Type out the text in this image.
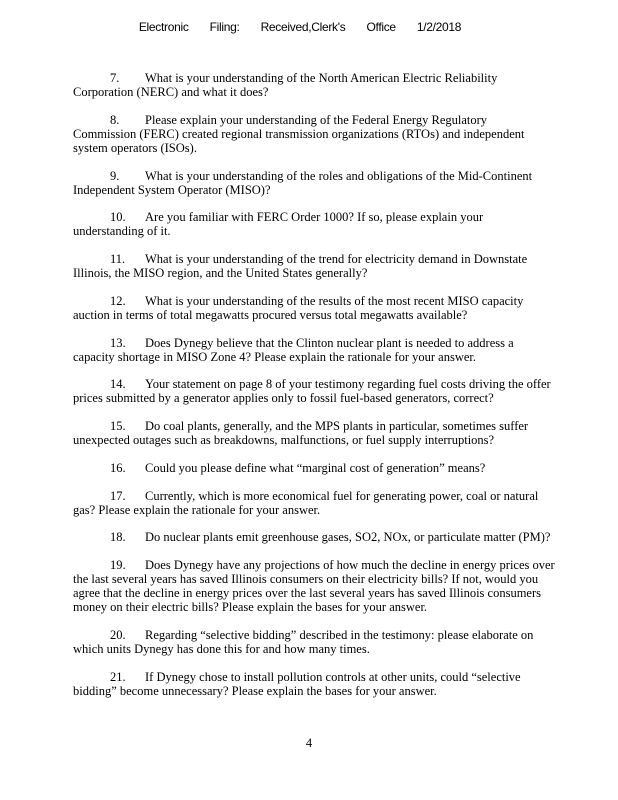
Electronic Filing: Received,Clerk's Office 1/2/2018
7. What is your understanding of the North American Electric Reliability
Corporation (NERC) and what it does?
8. Please explain your understanding of the Federal Energy Regulatory
Commission (FERC) created regional transmission organizations (RTOs) and independent
system operators (ISOs).
9. What is your understanding of the roles and obligations of the Mid-Continent
Independent System Operator (MISO)?
10. Are you familiar with FERC Order 1000? If so, please explain your
understanding of it.
11. What is your understanding of the trend for electricity demand in Downstate
Illinois, the MISO region, and the United States generally?
12. What is your understanding of the results of the most recent MISO capacity
auction in terms of total megawatts procured versus total megawatts available?
13. Does Dynegy believe that the Clinton nuclear plant is needed to address a
capacity shortage in MISO Zone 4? Please explain the rationale for your answer.
14. Your statement on page 8 of your testimony regarding fuel costs driving the offer
prices submitted by a generator applies only to fossil fuel-based generators, correct?
15. Do coal plants, generally, and the MPS plants in particular, sometimes suffer
unexpected outages such as breakdowns, malfunctions, or fuel supply interruptions?
16. Could you please define what “marginal cost of generation” means?
17. Currently, which is more economical fuel for generating power, coal or natural
gas? Please explain the rationale for your answer.
18. Do nuclear plants emit greenhouse gases, SO2, NOx, or particulate matter (PM)?
19. Does Dynegy have any projections of how much the decline in energy prices over
the last several years has saved Illinois consumers on their electricity bills? If not, would you
agree that the decline in energy prices over the last several years has saved Illinois consumers
money on their electric bills? Please explain the bases for your answer.
20. Regarding “selective bidding” described in the testimony: please elaborate on
which units Dynegy has done this for and how many times.
21. If Dynegy chose to install pollution controls at other units, could “selective
bidding” become unnecessary? Please explain the bases for your answer.
4
